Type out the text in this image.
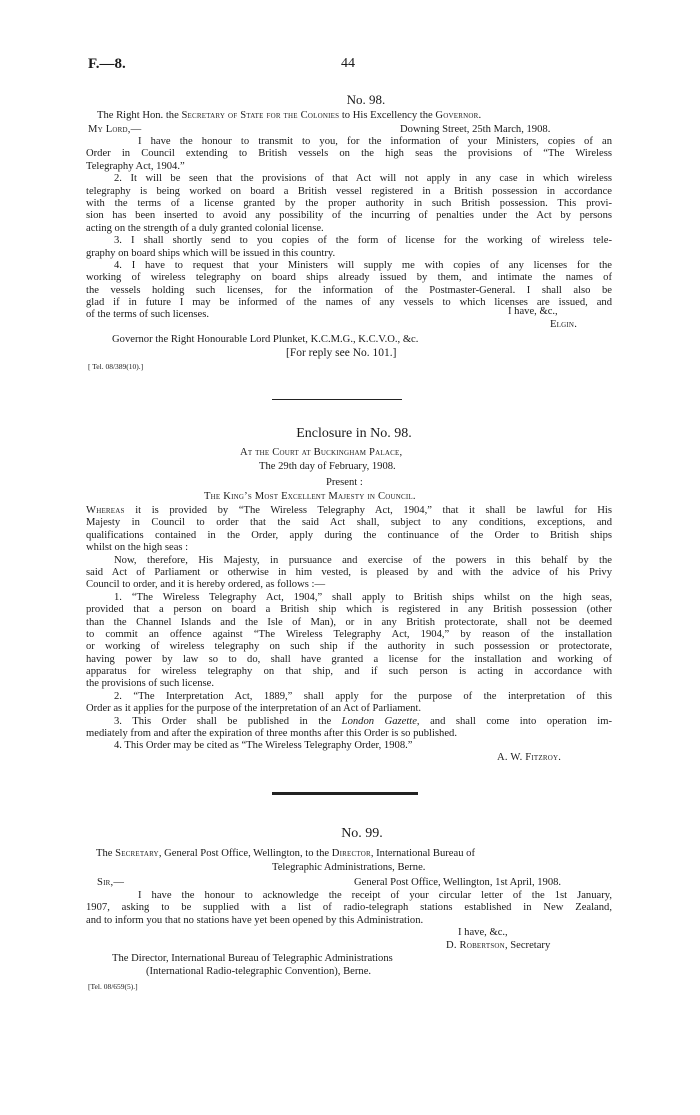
F.—8.	44
No. 98.
The Right Hon. the Secretary of State for the Colonies to His Excellency the Governor.
My Lord,—	Downing Street, 25th March, 1908.
I have the honour to transmit to you, for the information of your Ministers, copies of an
Order in Council extending to British vessels on the high seas the provisions of “The Wireless
Telegraphy Act, 1904.”
2. It will be seen that the provisions of that Act will not apply in any case in which wireless
telegraphy is being worked on board a British vessel registered in a British possession in accordance
with the terms of a license granted by the proper authority in such British possession. This provi-
sion has been inserted to avoid any possibility of the incurring of penalties under the Act by persons
acting on the strength of a duly granted colonial license.
3. I shall shortly send to you copies of the form of license for the working of wireless tele-
graphy on board ships which will be issued in this country.
4. I have to request that your Ministers will supply me with copies of any licenses for the
working of wireless telegraphy on board ships already issued by them, and intimate the names of
the vessels holding such licenses, for the information of the Postmaster-General. I shall also be
glad if in future I may be informed of the names of any vessels to which licenses are issued, and
of the terms of such licenses.	I have, &c.,
Elgin.
Governor the Right Honourable Lord Plunket, K.C.M.G., K.C.V.O., &c.
[For reply see No. 101.]
[ Tel. 08/389(10).]
Enclosure in No. 98.
At the Court at Buckingham Palace,
The 29th day of February, 1908.
Present :
The King’s Most Excellent Majesty in Council.
Whereas it is provided by “The Wireless Telegraphy Act, 1904,” that it shall be lawful for His
Majesty in Council to order that the said Act shall, subject to any conditions, exceptions, and
qualifications contained in the Order, apply during the continuance of the Order to British ships
whilst on the high seas :
Now, therefore, His Majesty, in pursuance and exercise of the powers in this behalf by the
said Act of Parliament or otherwise in him vested, is pleased by and with the advice of his Privy
Council to order, and it is hereby ordered, as follows :—
1. “The Wireless Telegraphy Act, 1904,” shall apply to British ships whilst on the high seas,
provided that a person on board a British ship which is registered in any British possession (other
than the Channel Islands and the Isle of Man), or in any British protectorate, shall not be deemed
to commit an offence against “The Wireless Telegraphy Act, 1904,” by reason of the installation
or working of wireless telegraphy on such ship if the authority in such possession or protectorate,
having power by law so to do, shall have granted a license for the installation and working of
apparatus for wireless telegraphy on that ship, and if such person is acting in accordance with
the provisions of such license.
2. “The Interpretation Act, 1889,” shall apply for the purpose of the interpretation of this
Order as it applies for the purpose of the interpretation of an Act of Parliament.
3. This Order shall be published in the London Gazette, and shall come into operation im-
mediately from and after the expiration of three months after this Order is so published.
4. This Order may be cited as “The Wireless Telegraphy Order, 1908.”
A. W. Fitzroy.
No. 99.
The Secretary, General Post Office, Wellington, to the Director, International Bureau of
Telegraphic Administrations, Berne.
Sir,—	General Post Office, Wellington, 1st April, 1908.
I have the honour to acknowledge the receipt of your circular letter of the 1st January,
1907, asking to be supplied with a list of radio-telegraph stations established in New Zealand,
and to inform you that no stations have yet been opened by this Administration.
I have, &c.,
D. Robertson, Secretary
The Director, International Bureau of Telegraphic Administrations
(International Radio-telegraphic Convention), Berne.
[Tel. 08/659(5).]
